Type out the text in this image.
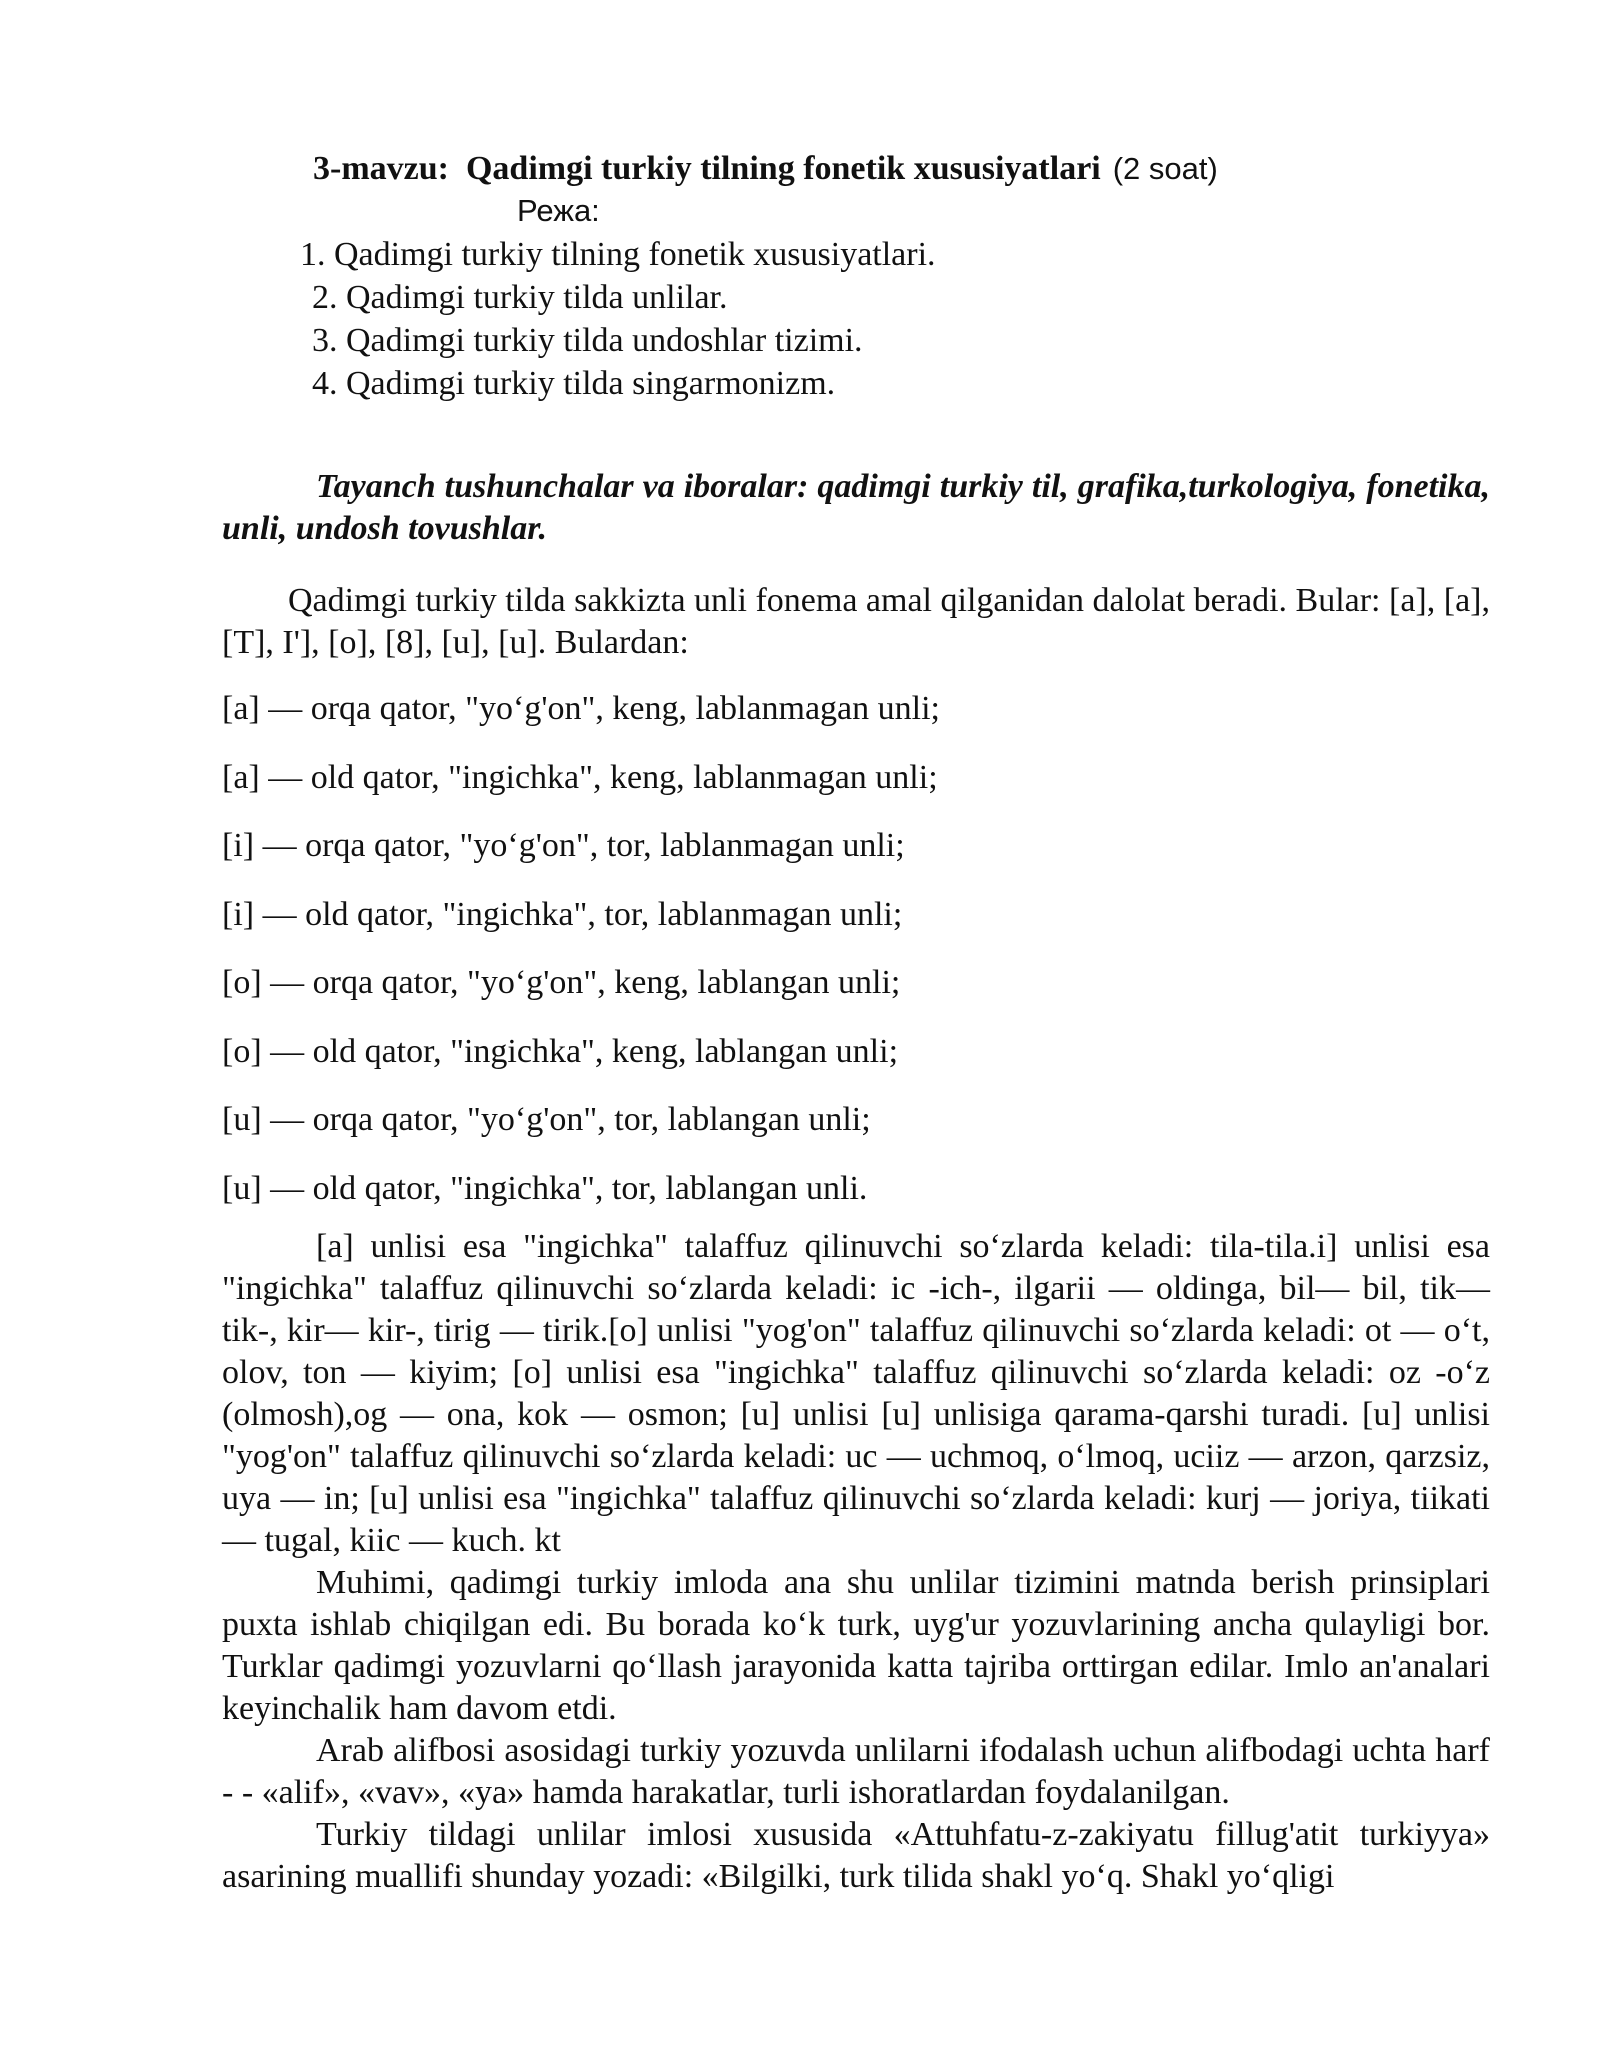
3-mavzu: Qadimgi turkiy tilning fonetik xususiyatlari (2 soat)
Режа:
1. Qadimgi turkiy tilning fonetik xususiyatlari.
2. Qadimgi turkiy tilda unlilar.
3. Qadimgi turkiy tilda undoshlar tizimi.
4. Qadimgi turkiy tilda singarmonizm.
Tayanch tushunchalar va iboralar: qadimgi turkiy til, grafika,turkologiya, fonetika, unli, undosh tovushlar.
Qadimgi turkiy tilda sakkizta unli fonema amal qilganidan dalolat beradi. Bular: [a], [a], [T], I'], [o], [8], [u], [u]. Bulardan:
[a] — orqa qator, "yo‘g'on", keng, lablanmagan unli;
[a] — old qator, "ingichka", keng, lablanmagan unli;
[i] — orqa qator, "yo‘g'on", tor, lablanmagan unli;
[i] — old qator, "ingichka", tor, lablanmagan unli;
[o] — orqa qator, "yo‘g'on", keng, lablangan unli;
[o] — old qator, "ingichka", keng, lablangan unli;
[u] — orqa qator, "yo‘g'on", tor, lablangan unli;
[u] — old qator, "ingichka", tor, lablangan unli.

[a] unlisi esa "ingichka" talaffuz qilinuvchi so‘zlarda keladi: tila-tila.i] unlisi esa "ingichka" talaffuz qilinuvchi so‘zlarda keladi: ic -ich-, ilgarii — oldinga, bil— bil, tik— tik-, kir— kir-, tirig — tirik.[o] unlisi "yog'on" talaffuz qilinuvchi so‘zlarda keladi: ot — o‘t, olov, ton — kiyim; [o] unlisi esa "ingichka" talaffuz qilinuvchi so‘zlarda keladi: oz -o‘z (olmosh),og — ona, kok — osmon; [u] unlisi [u] unlisiga qarama-qarshi turadi. [u] unlisi "yog'on" talaffuz qilinuvchi so‘zlarda keladi: uc — uchmoq, o‘lmoq, uciiz — arzon, qarzsiz, uya — in; [u] unlisi esa "ingichka" talaffuz qilinuvchi so‘zlarda keladi: kurj — joriya, tiikati — tugal, kiic — kuch. kt

Muhimi, qadimgi turkiy imloda ana shu unlilar tizimini matnda berish prinsiplari puxta ishlab chiqilgan edi. Bu borada ko‘k turk, uyg'ur yozuvlarining ancha qulayligi bor. Turklar qadimgi yozuvlarni qo‘llash jarayonida katta tajriba orttirgan edilar. Imlo an'analari keyinchalik ham davom etdi.

Arab alifbosi asosidagi turkiy yozuvda unlilarni ifodalash uchun alifbodagi uchta harf - - «alif», «vav», «ya» hamda harakatlar, turli ishoratlardan foydalanilgan.

Turkiy tildagi unlilar imlosi xususida «Attuhfatu-z-zakiyatu fillug'atit turkiyya» asarining muallifi shunday yozadi: «Bilgilki, turk tilida shakl yo‘q. Shakl yo‘qligi
